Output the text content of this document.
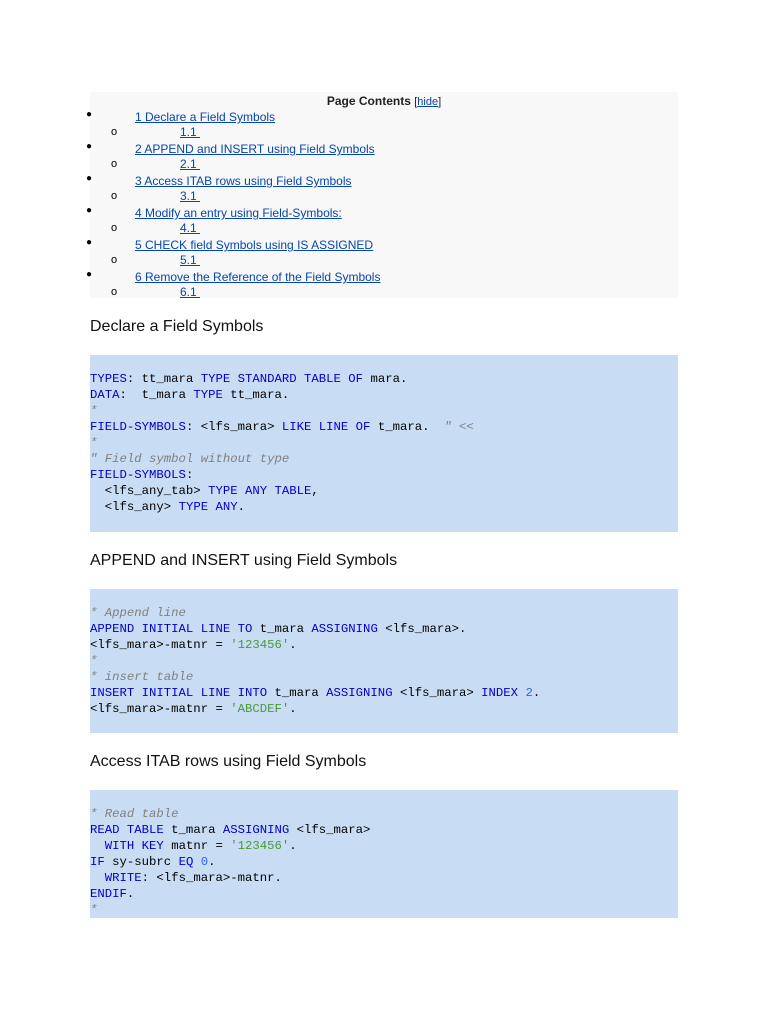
Page Contents [hide]
Declare a Field Symbols
TYPES: tt_mara TYPE STANDARD TABLE OF mara.
DATA:  t_mara TYPE tt_mara.
*
FIELD-SYMBOLS: <lfs_mara> LIKE LINE OF t_mara.  " <<
*
" Field symbol without type
FIELD-SYMBOLS:
<lfs_any_tab> TYPE ANY TABLE,
<lfs_any> TYPE ANY.
APPEND and INSERT using Field Symbols
* Append line
APPEND INITIAL LINE TO t_mara ASSIGNING <lfs_mara>.
<lfs_mara>-matnr = '123456'.
*
* insert table
INSERT INITIAL LINE INTO t_mara ASSIGNING <lfs_mara> INDEX 2.
<lfs_mara>-matnr = 'ABCDEF'.
Access ITAB rows using Field Symbols
* Read table
READ TABLE t_mara ASSIGNING <lfs_mara>
WITH KEY matnr = '123456'.
IF sy-subrc EQ 0.
WRITE: <lfs_mara>-matnr.
ENDIF.
*
●	1 Declare a Field Symbols
o	1.1
●	2 APPEND and INSERT using Field Symbols
o	2.1
●	3 Access ITAB rows using Field Symbols
o	3.1
●	4 Modify an entry using Field-Symbols:
o	4.1
●	5 CHECK field Symbols using IS ASSIGNED
o	5.1
●	6 Remove the Reference of the Field Symbols
o	6.1
